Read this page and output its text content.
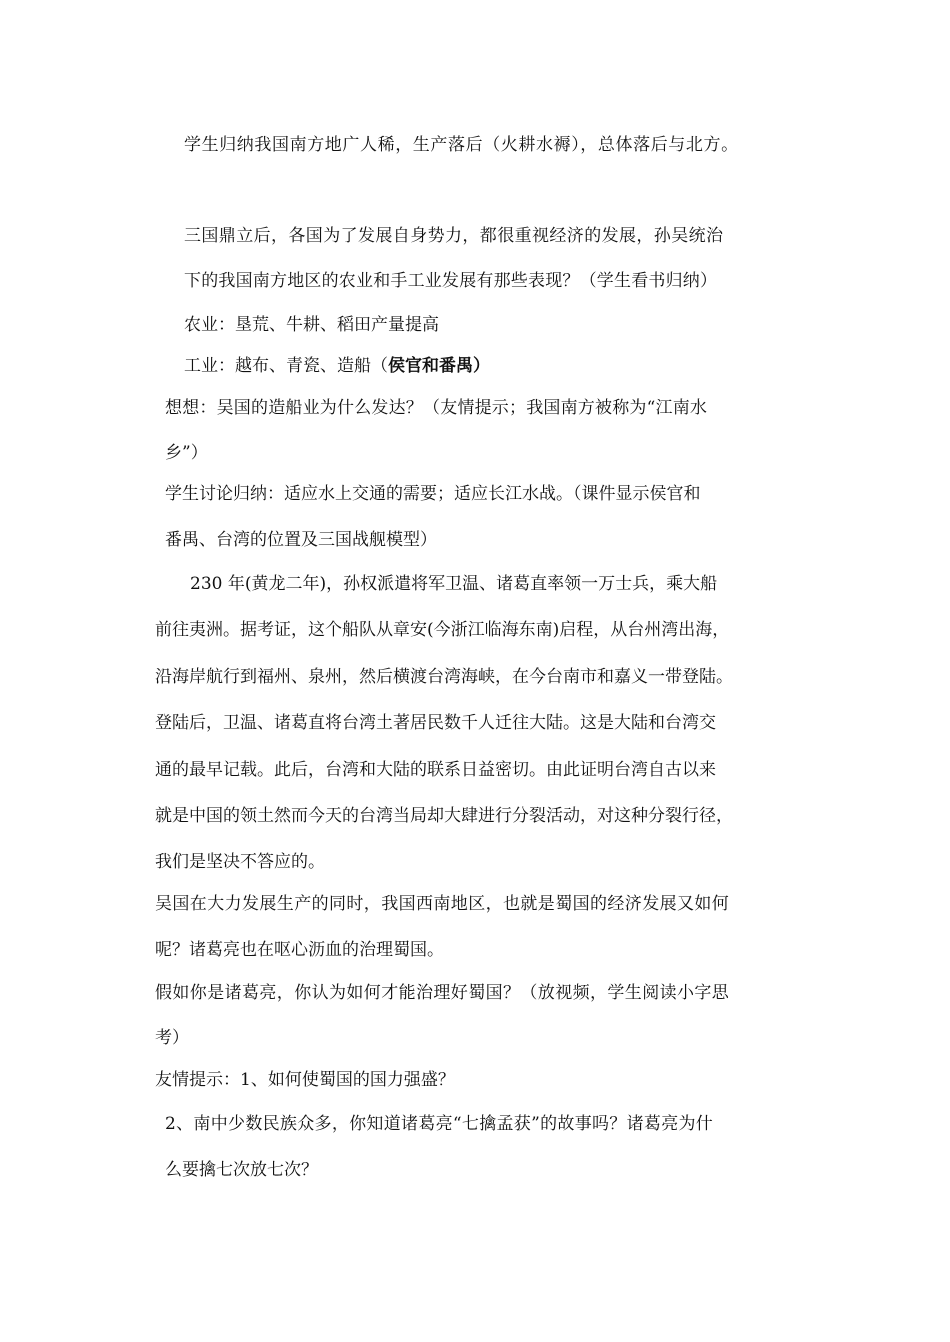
学生归纳我国南方地广人稀，生产落后（火耕水褥），总体落后与北方。
三国鼎立后，各国为了发展自身势力，都很重视经济的发展，孙吴统治
下的我国南方地区的农业和手工业发展有那些表现？（学生看书归纳）
农业：垦荒、牛耕、稻田产量提高
工业：越布、青瓷、造船（侯官和番禺）
想想：吴国的造船业为什么发达？（友情提示；我国南方被称为“江南水
乡”）
学生讨论归纳：适应水上交通的需要；适应长江水战。（课件显示侯官和
番禺、台湾的位置及三国战舰模型）
230 年(黄龙二年)，孙权派遣将军卫温、诸葛直率领一万士兵，乘大船
前往夷洲。据考证，这个船队从章安(今浙江临海东南)启程，从台州湾出海，
沿海岸航行到福州、泉州，然后横渡台湾海峡，在今台南市和嘉义一带登陆。
登陆后，卫温、诸葛直将台湾土著居民数千人迁往大陆。这是大陆和台湾交
通的最早记载。此后，台湾和大陆的联系日益密切。由此证明台湾自古以来
就是中国的领土然而今天的台湾当局却大肆进行分裂活动，对这种分裂行径，
我们是坚决不答应的。
吴国在大力发展生产的同时，我国西南地区，也就是蜀国的经济发展又如何
呢？诸葛亮也在呕心沥血的治理蜀国。
假如你是诸葛亮，你认为如何才能治理好蜀国？（放视频，学生阅读小字思
考）
友情提示：1、如何使蜀国的国力强盛？
2、南中少数民族众多，你知道诸葛亮“七擒孟获”的故事吗？诸葛亮为什
么要擒七次放七次？
